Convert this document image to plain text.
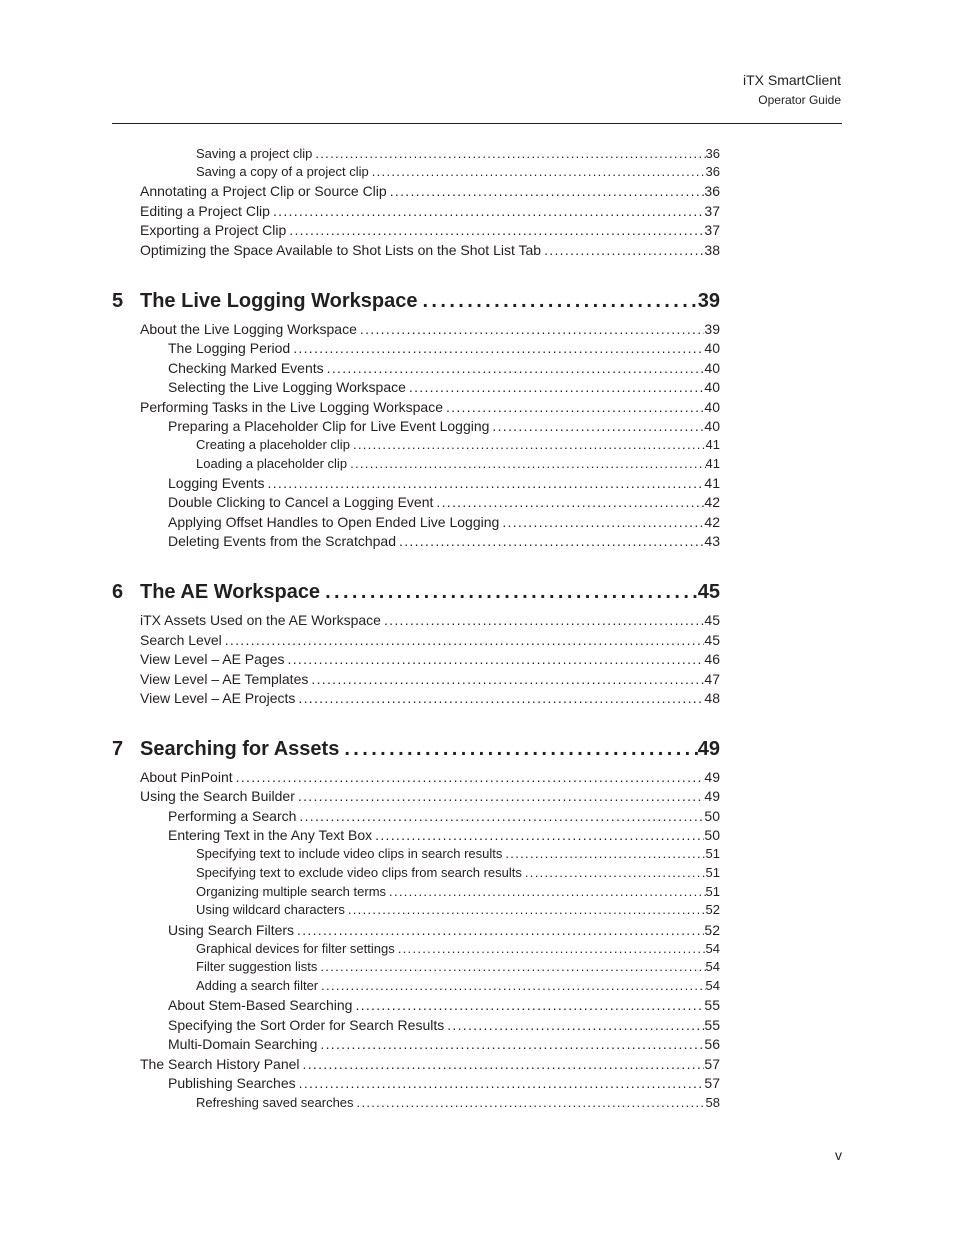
iTX SmartClient
Operator Guide
Saving a project clip .....	36
Saving a copy of a project clip .....	36
Annotating a Project Clip or Source Clip .....	36
Editing a Project Clip .....	37
Exporting a Project Clip .....	37
Optimizing the Space Available to Shot Lists on the Shot List Tab .....	38
5 The Live Logging Workspace .....	39
About the Live Logging Workspace .....	39
The Logging Period .....	40
Checking Marked Events .....	40
Selecting the Live Logging Workspace .....	40
Performing Tasks in the Live Logging Workspace .....	40
Preparing a Placeholder Clip for Live Event Logging .....	40
Creating a placeholder clip .....	41
Loading a placeholder clip .....	41
Logging Events .....	41
Double Clicking to Cancel a Logging Event .....	42
Applying Offset Handles to Open Ended Live Logging .....	42
Deleting Events from the Scratchpad .....	43
6 The AE Workspace .....	45
iTX Assets Used on the AE Workspace .....	45
Search Level .....	45
View Level – AE Pages .....	46
View Level – AE Templates .....	47
View Level – AE Projects .....	48
7 Searching for Assets .....	49
About PinPoint .....	49
Using the Search Builder .....	49
Performing a Search .....	50
Entering Text in the Any Text Box .....	50
Specifying text to include video clips in search results .....	51
Specifying text to exclude video clips from search results .....	51
Organizing multiple search terms .....	51
Using wildcard characters .....	52
Using Search Filters .....	52
Graphical devices for filter settings .....	54
Filter suggestion lists .....	54
Adding a search filter .....	54
About Stem-Based Searching .....	55
Specifying the Sort Order for Search Results .....	55
Multi-Domain Searching .....	56
The Search History Panel .....	57
Publishing Searches .....	57
Refreshing saved searches .....	58
v
